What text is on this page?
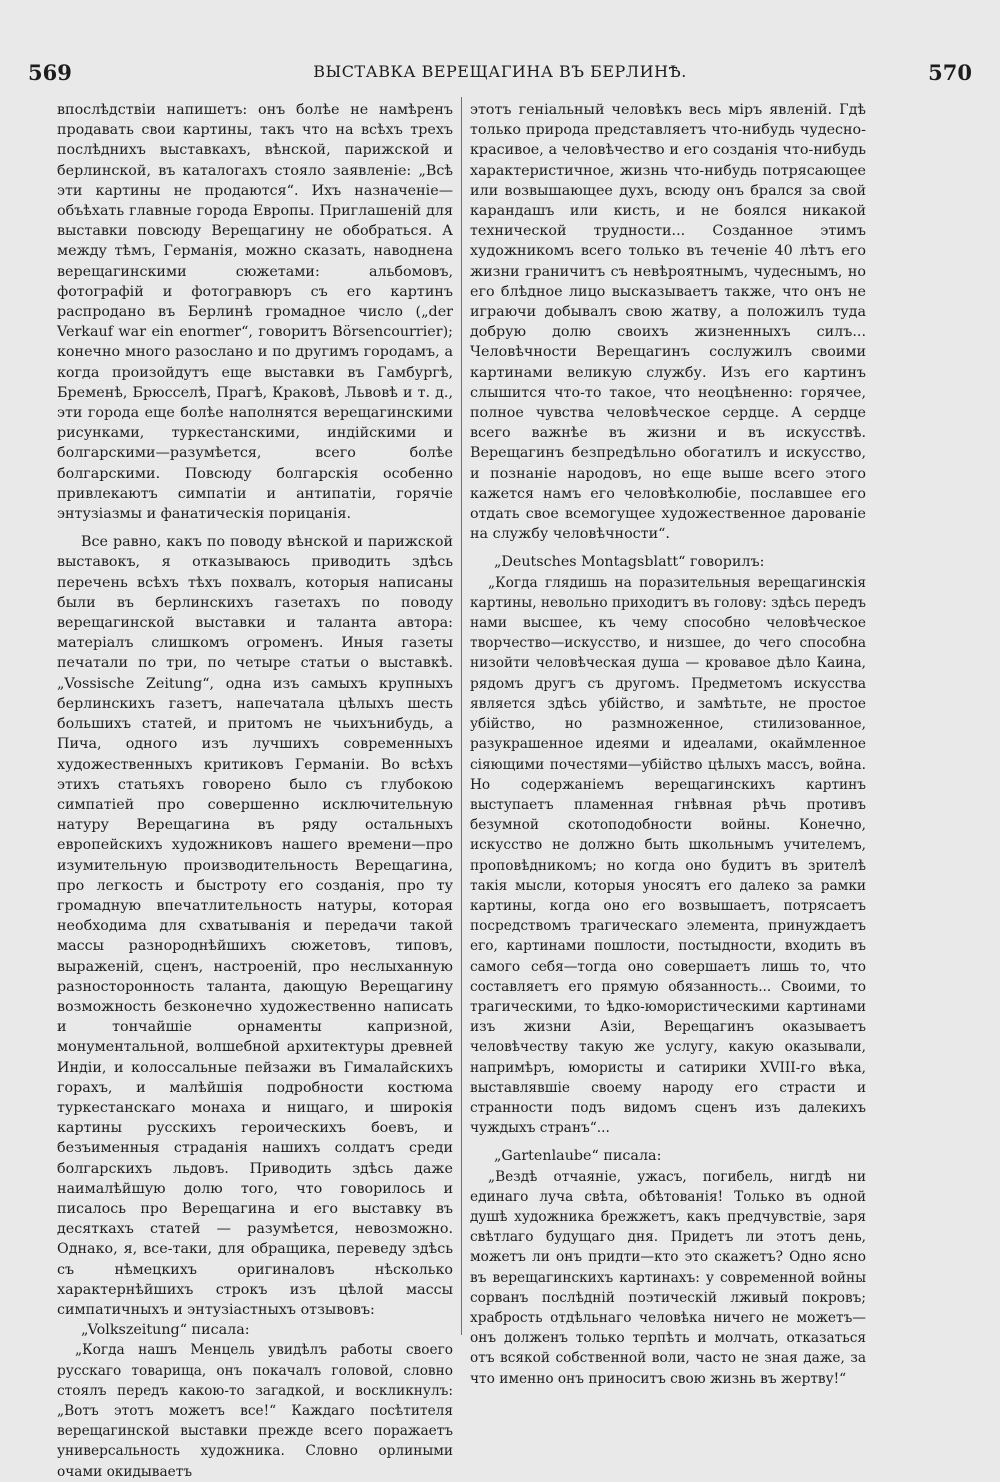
569	ВЫСТАВКА ВЕРЕЩАГИНА ВЪ БЕРЛИНѢ.	570

впослѣдствіи напишетъ: онъ болѣе не намѣренъ продавать свои картины, такъ что на всѣхъ трехъ послѣднихъ выставкахъ, вѣнской, парижской и берлинской, въ каталогахъ стояло заявленіе: „Всѣ эти картины не продаются“. Ихъ назначеніе—объѣхать главные города Европы. Приглашеній для выставки повсюду Верещагину не обобраться. А между тѣмъ, Германія, можно сказать, наводнена верещагинскими сюжетами: альбомовъ, фотографій и фотогравюръ съ его картинъ распродано въ Берлинѣ громадное число („der Verkauf war ein enormer“, говоритъ Börsencourrier); конечно много разослано и по другимъ городамъ, а когда произойдутъ еще выставки въ Гамбургѣ, Бременѣ, Брюсселѣ, Прагѣ, Краковѣ, Львовѣ и т. д., эти города еще болѣе наполнятся верещагинскими рисунками, туркестанскими, индійскими и болгарскими—разумѣется, всего болѣе болгарскими. Повсюду болгарскія особенно привлекаютъ симпатіи и антипатіи, горячіе энтузіазмы и фанатическія порицанія.

Все равно, какъ по поводу вѣнской и парижской выставокъ, я отказываюсь приводить здѣсь перечень всѣхъ тѣхъ похвалъ, которыя написаны были въ берлинскихъ газетахъ по поводу верещагинской выставки и таланта автора: матеріалъ слишкомъ огроменъ. Иныя газеты печатали по три, по четыре статьи о выставкѣ. „Vossische Zeitung“, одна изъ самыхъ крупныхъ берлинскихъ газетъ, напечатала цѣлыхъ шесть большихъ статей, и притомъ не чьихънибудь, а Пича, одного изъ лучшихъ современныхъ художественныхъ критиковъ Германіи. Во всѣхъ этихъ статьяхъ говорено было съ глубокою симпатіей про совершенно исключительную натуру Верещагина въ ряду остальныхъ европейскихъ художниковъ нашего времени—про изумительную производительность Верещагина, про легкость и быстроту его созданія, про ту громадную впечатлительность натуры, которая необходима для схватыванія и передачи такой массы разнороднѣйшихъ сюжетовъ, типовъ, выраженій, сценъ, настроеній, про неслыханную разносторонность таланта, дающую Верещагину возможность безконечно художественно написать и тончайшіе орнаменты капризной, монументальной, волшебной архитектуры древней Индіи, и колоссальные пейзажи въ Гималайскихъ горахъ, и малѣйшія подробности костюма туркестанскаго монаха и нищаго, и широкія картины русскихъ героическихъ боевъ, и безъименныя страданія нашихъ солдатъ среди болгарскихъ льдовъ. Приводить здѣсь даже наималѣйшую долю того, что говорилось и писалось про Верещагина и его выставку въ десяткахъ статей — разумѣется, невозможно. Однако, я, все-таки, для обращика, переведу здѣсь съ нѣмецкихъ оригиналовъ нѣсколько характернѣйшихъ строкъ изъ цѣлой массы симпатичныхъ и энтузіастныхъ отзывовъ:

„Volkszeitung“ писала:

„Когда нашъ Менцель увидѣлъ работы своего русскаго товарища, онъ покачалъ головой, словно стоялъ передъ какою-то загадкой, и воскликнулъ: „Вотъ этотъ можетъ все!“ Каждаго посѣтителя верещагинской выставки прежде всего поражаетъ универсальность художника. Словно орлиными очами окидываетъ

этотъ геніальный человѣкъ весь міръ явленій. Гдѣ только природа представляетъ что-нибудь чудесно-красивое, а человѣчество и его созданія что-нибудь характеристичное, жизнь что-нибудь потрясающее или возвышающее духъ, всюду онъ брался за свой карандашъ или кисть, и не боялся никакой технической трудности... Созданное этимъ художникомъ всего только въ теченіе 40 лѣтъ его жизни граничитъ съ невѣроятнымъ, чудеснымъ, но его блѣдное лицо высказываетъ также, что онъ не играючи добывалъ свою жатву, а положилъ туда добрую долю своихъ жизненныхъ силъ... Человѣчности Верещагинъ сослужилъ своими картинами великую службу. Изъ его картинъ слышится что-то такое, что неоцѣненно: горячее, полное чувства человѣческое сердце. А сердце всего важнѣе въ жизни и въ искусствѣ. Верещагинъ безпредѣльно обогатилъ и искусство, и познаніе народовъ, но еще выше всего этого кажется намъ его человѣколюбіе, пославшее его отдать свое всемогущее художественное дарованіе на службу человѣчности“.

„Deutsches Montagsblatt“ говорилъ:

„Когда глядишь на поразительныя верещагинскія картины, невольно приходитъ въ голову: здѣсь передъ нами высшее, къ чему способно человѣческое творчество—искусство, и низшее, до чего способна низойти человѣческая душа — кровавое дѣло Каина, рядомъ другъ съ другомъ. Предметомъ искусства является здѣсь убійство, и замѣтьте, не простое убійство, но размноженное, стилизованное, разукрашенное идеями и идеалами, окаймленное сіяющими почестями—убійство цѣлыхъ массъ, война. Но содержаніемъ верещагинскихъ картинъ выступаетъ пламенная гнѣвная рѣчь противъ безумной скотоподобности войны. Конечно, искусство не должно быть школьнымъ учителемъ, проповѣдникомъ; но когда оно будитъ въ зрителѣ такія мысли, которыя уносятъ его далеко за рамки картины, когда оно его возвышаетъ, потрясаетъ посредствомъ трагическаго элемента, принуждаетъ его, картинами пошлости, постыдности, входить въ самого себя—тогда оно совершаетъ лишь то, что составляетъ его прямую обязанность... Своими, то трагическими, то ѣдко-юмористическими картинами изъ жизни Азіи, Верещагинъ оказываетъ человѣчеству такую же услугу, какую оказывали, напримѣръ, юмористы и сатирики XVIII-го вѣка, выставлявшіе своему народу его страсти и странности подъ видомъ сценъ изъ далекихъ чуждыхъ странъ“...

„Gartenlaube“ писала:

„Вездѣ отчаяніе, ужасъ, погибель, нигдѣ ни единаго луча свѣта, обѣтованія! Только въ одной душѣ художника брежжетъ, какъ предчувствіе, заря свѣтлаго будущаго дня. Придетъ ли этотъ день, можетъ ли онъ придти—кто это скажетъ? Одно ясно въ верещагинскихъ картинахъ: у современной войны сорванъ послѣдній поэтическій лживый покровъ; храбрость отдѣльнаго человѣка ничего не можетъ—онъ долженъ только терпѣть и молчать, отказаться отъ всякой собственной воли, часто не зная даже, за что именно онъ приноситъ свою жизнь въ жертву!“
